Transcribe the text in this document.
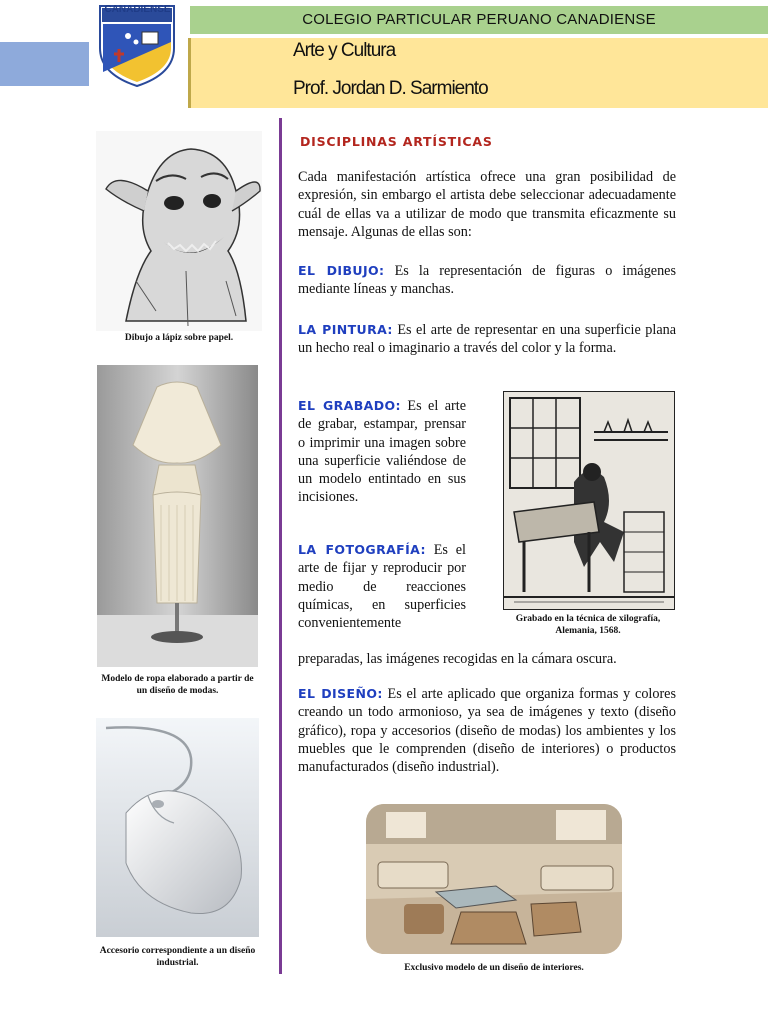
COLEGIO PARTICULAR PERUANO CANADIENSE
Arte y Cultura
Prof. Jordan D. Sarmiento
CANADIENSE
Dibujo a lápiz sobre papel.
Modelo de ropa elaborado a partir de un diseño de modas.
Accesorio correspondiente a un diseño industrial.
DISCIPLINAS ARTÍSTICAS
Cada manifestación artística ofrece una gran posibilidad de expresión, sin embargo el artista debe seleccionar adecuadamente cuál de ellas va a utilizar de modo que transmita eficazmente su mensaje. Algunas de ellas son:
EL DIBUJO: Es la representación de figuras o imágenes mediante líneas y manchas.
LA PINTURA: Es el arte de representar en una superficie plana un hecho real o imaginario a través del color y la forma.
EL GRABADO: Es el arte de grabar, estampar, prensar o imprimir una imagen sobre una superficie valiéndose de un modelo entintado en sus incisiones.
LA FOTOGRAFÍA: Es el arte de fijar y reproducir por medio de reacciones químicas, en superficies convenientemente
preparadas, las imágenes recogidas en la cámara oscura.
EL DISEÑO: Es el arte aplicado que organiza formas y colores creando un todo armonioso, ya sea de imágenes y texto (diseño gráfico), ropa y accesorios (diseño de modas) los ambientes y los muebles que le comprenden (diseño de interiores) o productos manufacturados (diseño industrial).
Grabado en la técnica de xilografía, Alemania, 1568.
Exclusivo modelo de un diseño de interiores.
